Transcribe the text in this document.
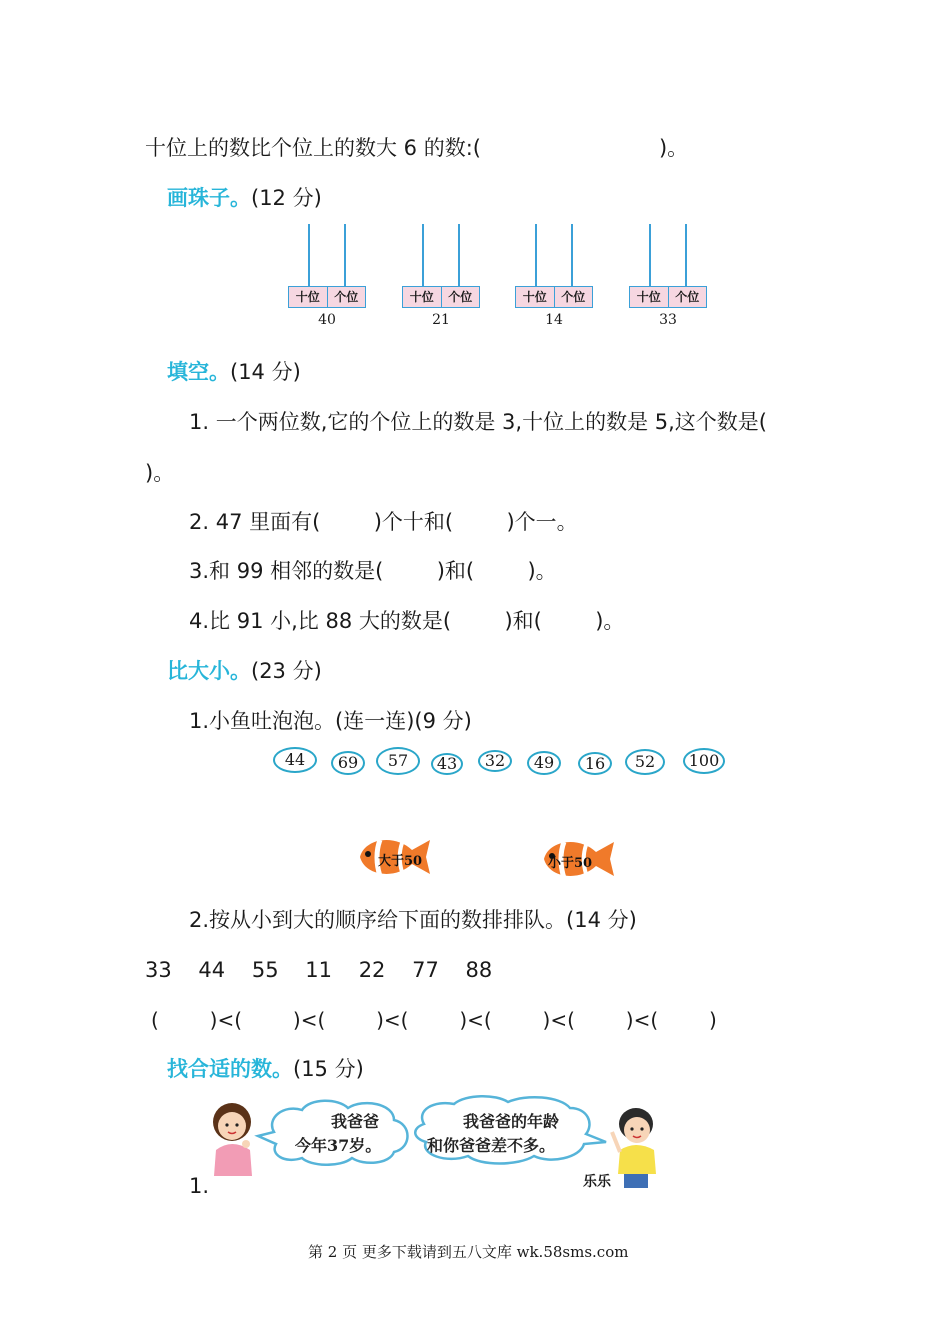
十位上的数比个位上的数大 6 的数:(	)。
画珠子。(12 分)
十位	个位
40
十位	个位
21
十位	个位
14
十位	个位
33
填空。(14 分)
1. 一个两位数,它的个位上的数是 3,十位上的数是 5,这个数是(
)。
2. 47 里面有(        )个十和(        )个一。
3.和 99 相邻的数是(        )和(        )。
4.比 91 小,比 88 大的数是(        )和(        )。
比大小。(23 分)
1.小鱼吐泡泡。(连一连)(9 分)
44	69	57	43	32	49	16	52	100
大于50	小于50
2.按从小到大的顺序给下面的数排排队。(14 分)
33    44    55    11    22    77    88
(        )<(        )<(        )<(        )<(        )<(        )<(        )
找合适的数。(15 分)
我爸爸
今年37岁。
我爸爸的年龄
和你爸爸差不多。
乐乐
1.
第 2 页 更多下载请到五八文库 wk.58sms.com
